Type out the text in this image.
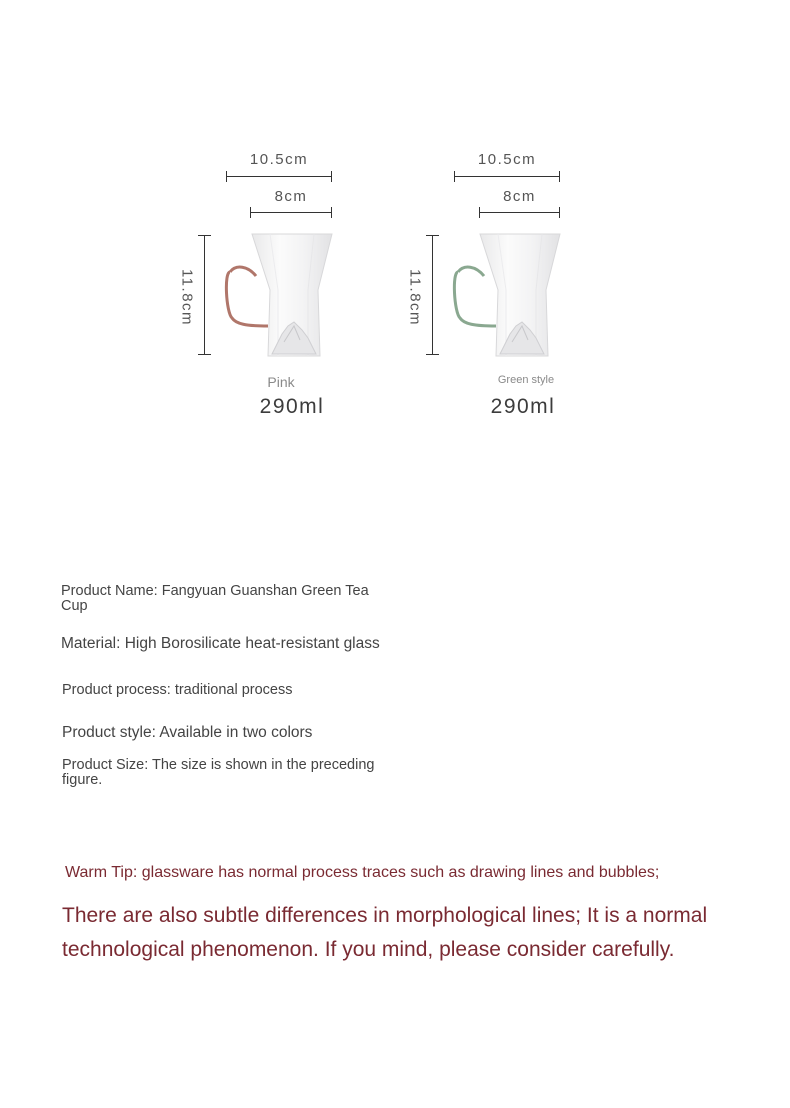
10.5cm
8cm
11.8cm
Pink
290ml
10.5cm
8cm
11.8cm
Green style
290ml
Product Name: Fangyuan Guanshan Green Tea Cup
Material: High Borosilicate heat-resistant glass
Product process: traditional process
Product style: Available in two colors
Product Size: The size is shown in the preceding figure.
Warm Tip: glassware has normal process traces such as drawing lines and bubbles;
There are also subtle differences in morphological lines; It is a normal technological phenomenon. If you mind, please consider carefully.
